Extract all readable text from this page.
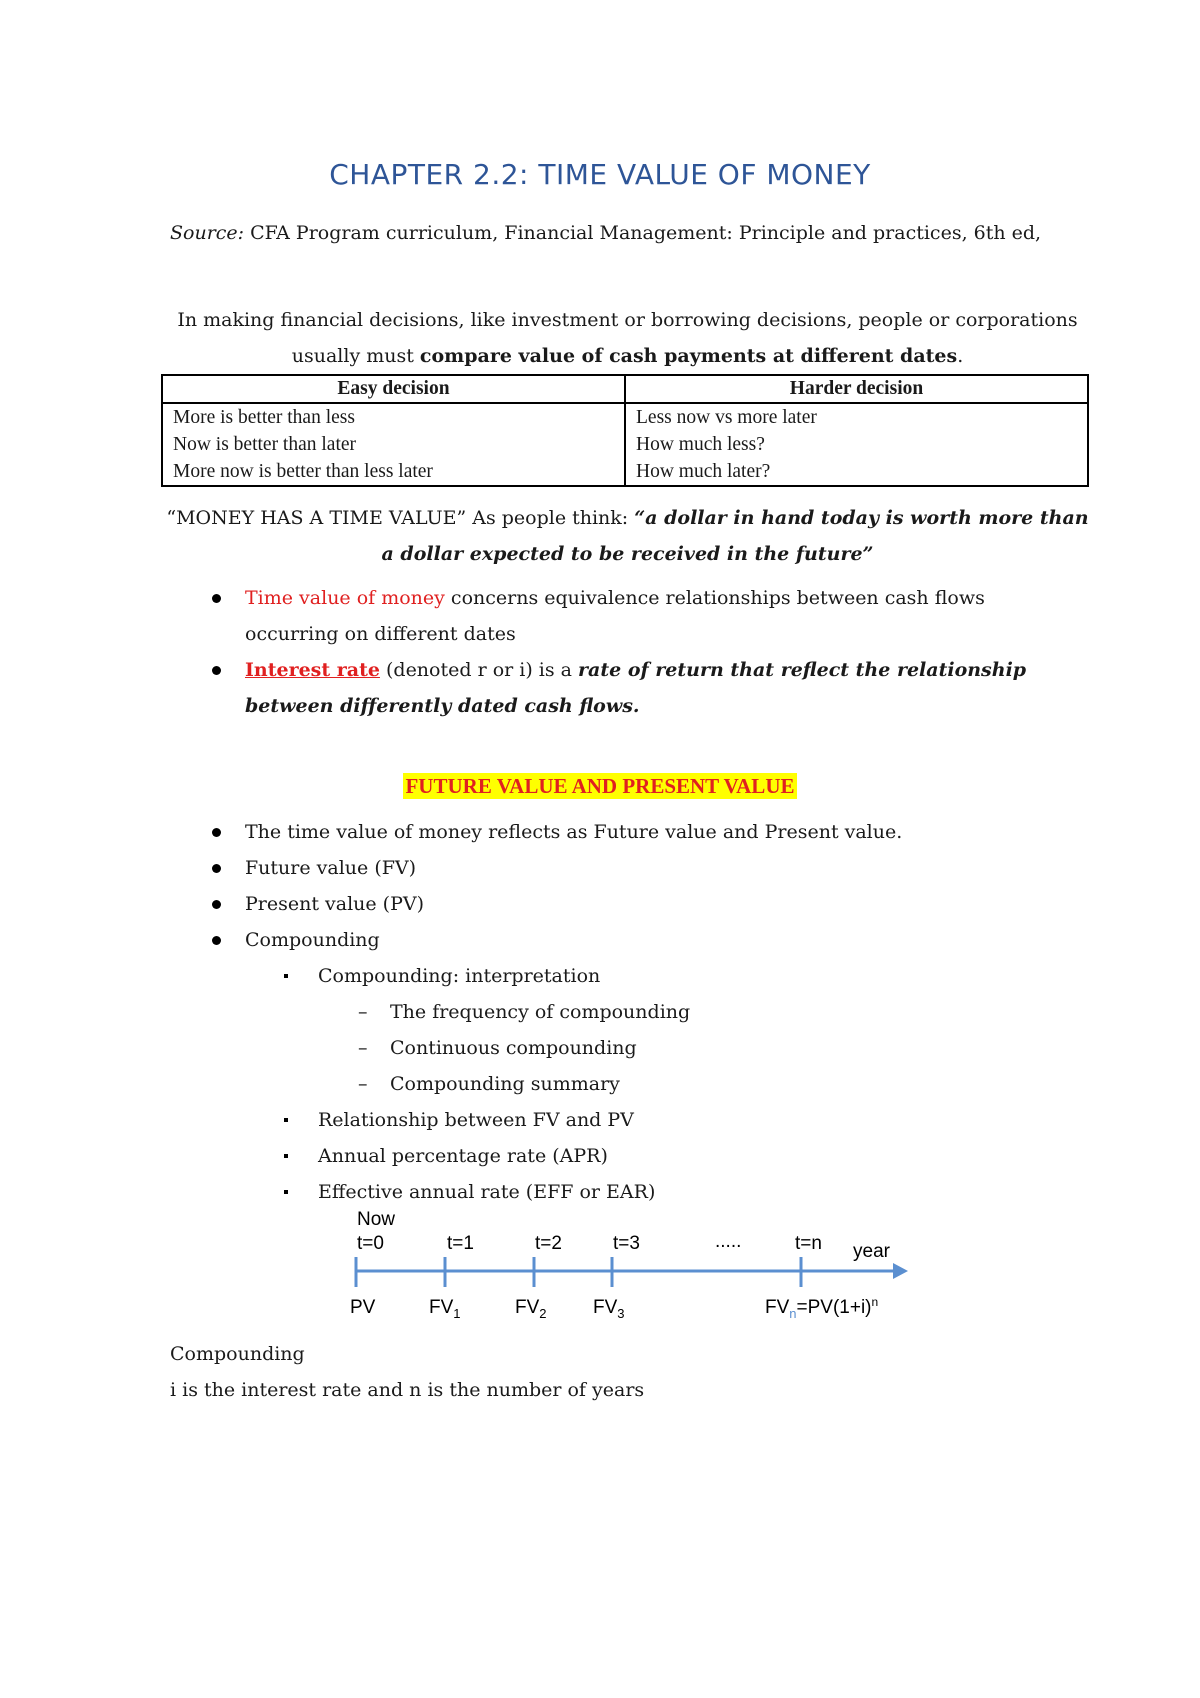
CHAPTER 2.2: TIME VALUE OF MONEY
Source: CFA Program curriculum, Financial Management: Principle and practices, 6th ed,
In making financial decisions, like investment or borrowing decisions, people or corporations usually must compare value of cash payments at different dates.
Easy decision	Harder decision
More is better than less	Less now vs more later
Now is better than later	How much less?
More now is better than less later	How much later?
“MONEY HAS A TIME VALUE” As people think: “a dollar in hand today is worth more than a dollar expected to be received in the future”
Time value of money concerns equivalence relationships between cash flows occurring on different dates
Interest rate (denoted r or i) is a rate of return that reflect the relationship between differently dated cash flows.
FUTURE VALUE AND PRESENT VALUE
The time value of money reflects as Future value and Present value.
Future value (FV)
Present value (PV)
Compounding
Compounding: interpretation
– The frequency of compounding
– Continuous compounding
– Compounding summary
Relationship between FV and PV
Annual percentage rate (APR)
Effective annual rate (EFF or EAR)
Now
t=0	t=1	t=2	t=3	.....	t=n year
PV	$FV_1$	$FV_2$ $FV_3$	$FV_n=PV(1+i)^n$
Compounding
i is the interest rate and n is the number of years
